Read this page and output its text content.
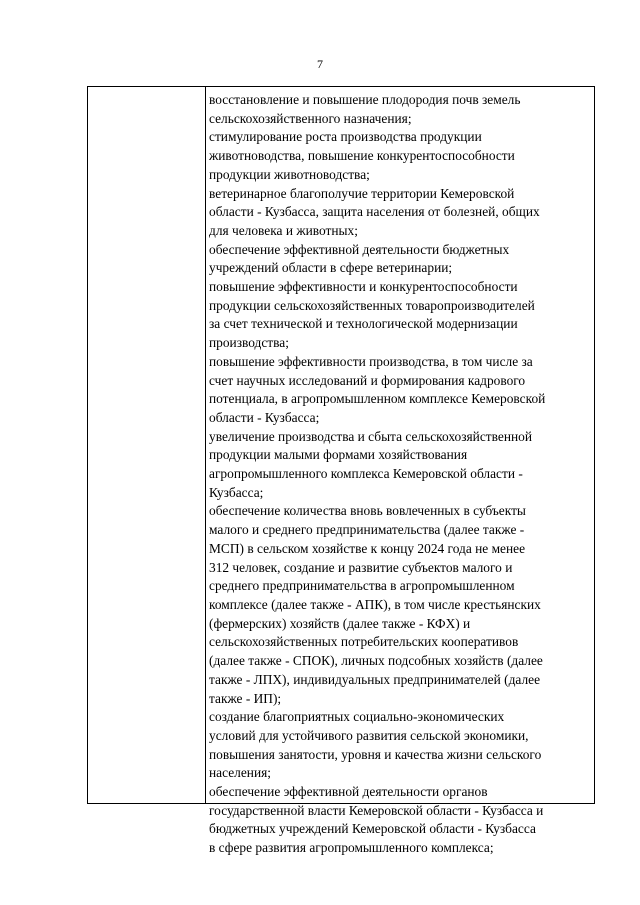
7
восстановление и повышение плодородия почв земель
сельскохозяйственного назначения;
стимулирование роста производства продукции
животноводства, повышение конкурентоспособности
продукции животноводства;
ветеринарное благополучие территории Кемеровской
области - Кузбасса, защита населения от болезней, общих
для человека и животных;
обеспечение эффективной деятельности бюджетных
учреждений области в сфере ветеринарии;
повышение эффективности и конкурентоспособности
продукции сельскохозяйственных товаропроизводителей
за счет технической и технологической модернизации
производства;
повышение эффективности производства, в том числе за
счет научных исследований и формирования кадрового
потенциала, в агропромышленном комплексе Кемеровской
области - Кузбасса;
увеличение производства и сбыта сельскохозяйственной
продукции малыми формами хозяйствования
агропромышленного комплекса Кемеровской области -
Кузбасса;
обеспечение количества вновь вовлеченных в субъекты
малого и среднего предпринимательства (далее также -
МСП) в сельском хозяйстве к концу 2024 года не менее
312 человек, создание и развитие субъектов малого и
среднего предпринимательства в агропромышленном
комплексе (далее также - АПК), в том числе крестьянских
(фермерских) хозяйств (далее также - КФХ) и
сельскохозяйственных потребительских кооперативов
(далее также - СПОК), личных подсобных хозяйств (далее
также - ЛПХ), индивидуальных предпринимателей (далее
также - ИП);
создание благоприятных социально-экономических
условий для устойчивого развития сельской экономики,
повышения занятости, уровня и качества жизни сельского
населения;
обеспечение эффективной деятельности органов
государственной власти Кемеровской области - Кузбасса и
бюджетных учреждений Кемеровской области - Кузбасса
в сфере развития агропромышленного комплекса;
